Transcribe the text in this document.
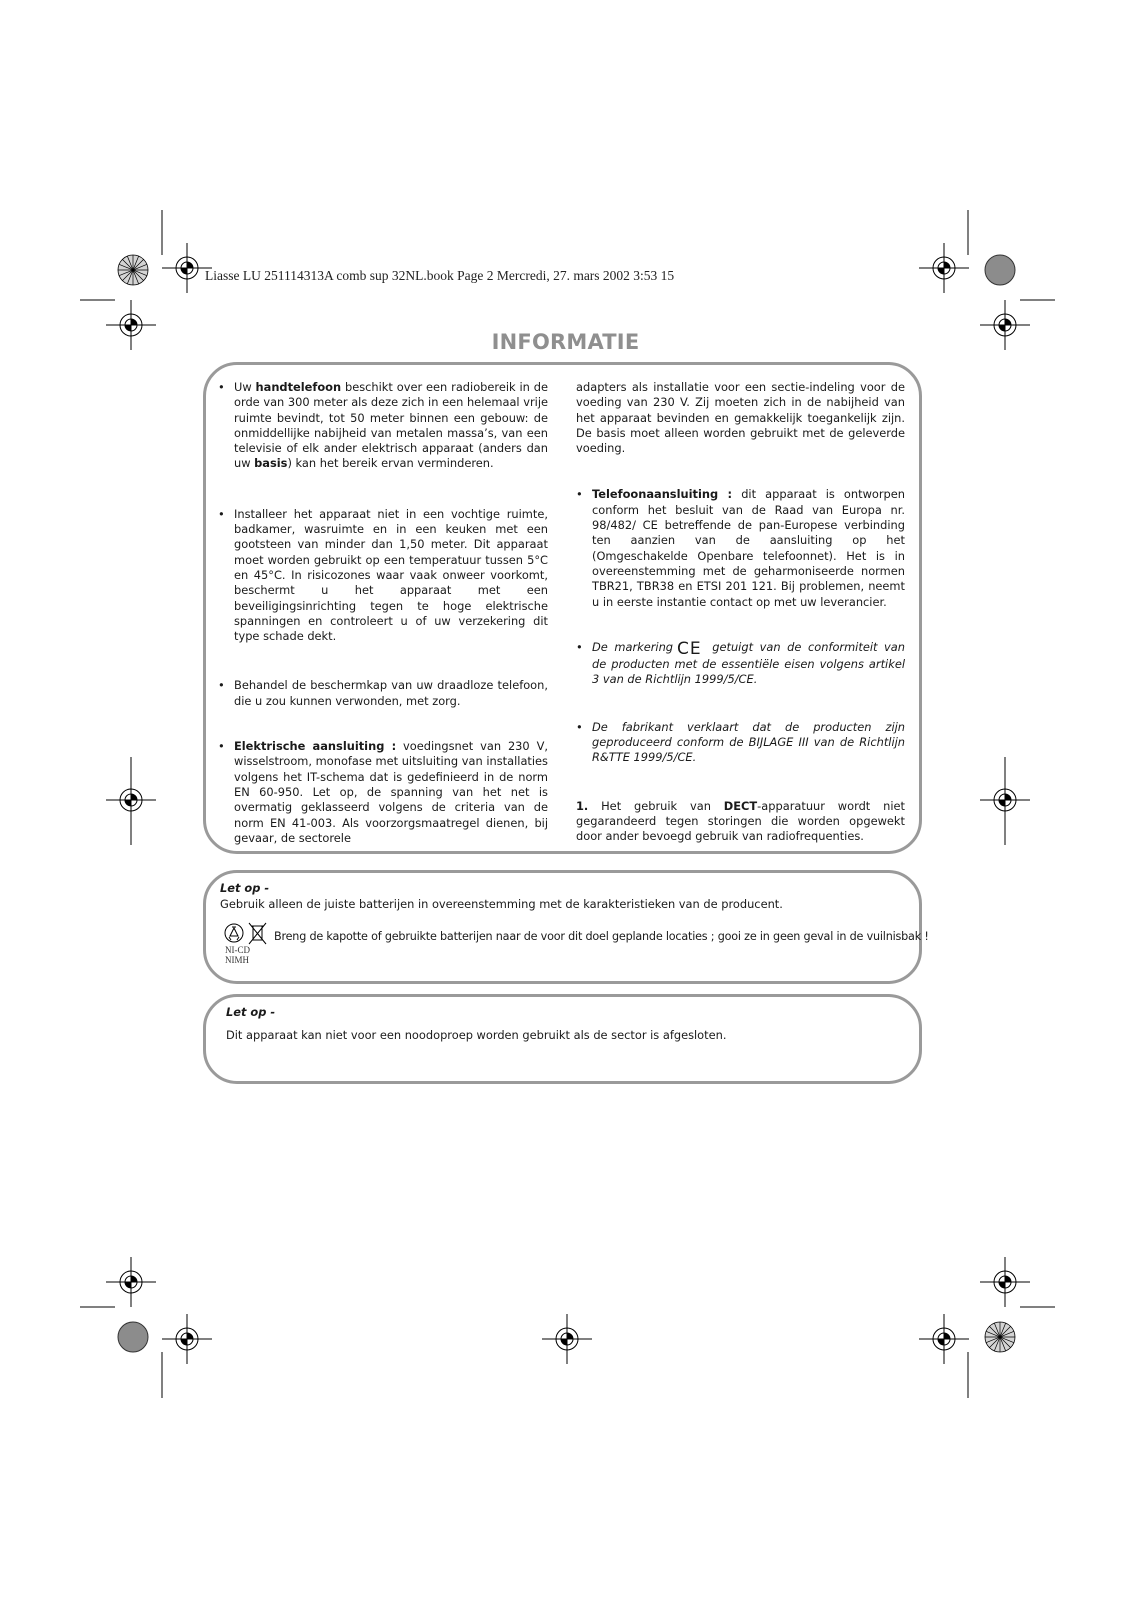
Liasse LU 251114313A comb sup 32NL.book Page 2 Mercredi, 27. mars 2002 3:53 15
INFORMATIE
• Uw handtelefoon beschikt over een radiobereik in de orde van 300 meter als deze zich in een helemaal vrije ruimte bevindt, tot 50 meter binnen een gebouw: de onmiddellijke nabijheid van metalen massa’s, van een televisie of elk ander elektrisch apparaat (anders dan uw basis) kan het bereik ervan verminderen.
• Installeer het apparaat niet in een vochtige ruimte, badkamer, wasruimte en in een keuken met een gootsteen van minder dan 1,50 meter. Dit apparaat moet worden gebruikt op een temperatuur tussen 5°C en 45°C. In risicozones waar vaak onweer voorkomt, beschermt u het apparaat met een beveiligingsinrichting tegen te hoge elektrische spanningen en controleert u of uw verzekering dit type schade dekt.
• Behandel de beschermkap van uw draadloze telefoon, die u zou kunnen verwonden, met zorg.
• Elektrische aansluiting : voedingsnet van 230 V, wisselstroom, monofase met uitsluiting van installaties volgens het IT-schema dat is gedefinieerd in de norm EN 60-950. Let op, de spanning van het net is overmatig geklasseerd volgens de criteria van de norm EN 41-003. Als voorzorgsmaatregel dienen, bij gevaar, de sectorele
adapters als installatie voor een sectie-indeling voor de voeding van 230 V. Zij moeten zich in de nabijheid van het apparaat bevinden en gemakkelijk toegankelijk zijn. De basis moet alleen worden gebruikt met de geleverde voeding.
• Telefoonaansluiting : dit apparaat is ontworpen conform het besluit van de Raad van Europa nr. 98/482/ CE betreffende de pan-Europese verbinding ten aanzien van de aansluiting op het (Omgeschakelde Openbare telefoonnet). Het is in overeenstemming met de geharmoniseerde normen TBR21, TBR38 en ETSI 201 121. Bij problemen, neemt u in eerste instantie contact op met uw leverancier.
• De markering CE getuigt van de conformiteit van de producten met de essentiële eisen volgens artikel 3 van de Richtlijn 1999/5/CE.
• De fabrikant verklaart dat de producten zijn geproduceerd conform de BIJLAGE III van de Richtlijn R&TTE 1999/5/CE.
1. Het gebruik van DECT-apparatuur wordt niet gegarandeerd tegen storingen die worden opgewekt door ander bevoegd gebruik van radiofrequenties.
Let op -
Gebruik alleen de juiste batterijen in overeenstemming met de karakteristieken van de producent.
NI-CD
NIMH
Breng de kapotte of gebruikte batterijen naar de voor dit doel geplande locaties ; gooi ze in geen geval in de vuilnisbak !
Let op -
Dit apparaat kan niet voor een noodoproep worden gebruikt als de sector is afgesloten.
